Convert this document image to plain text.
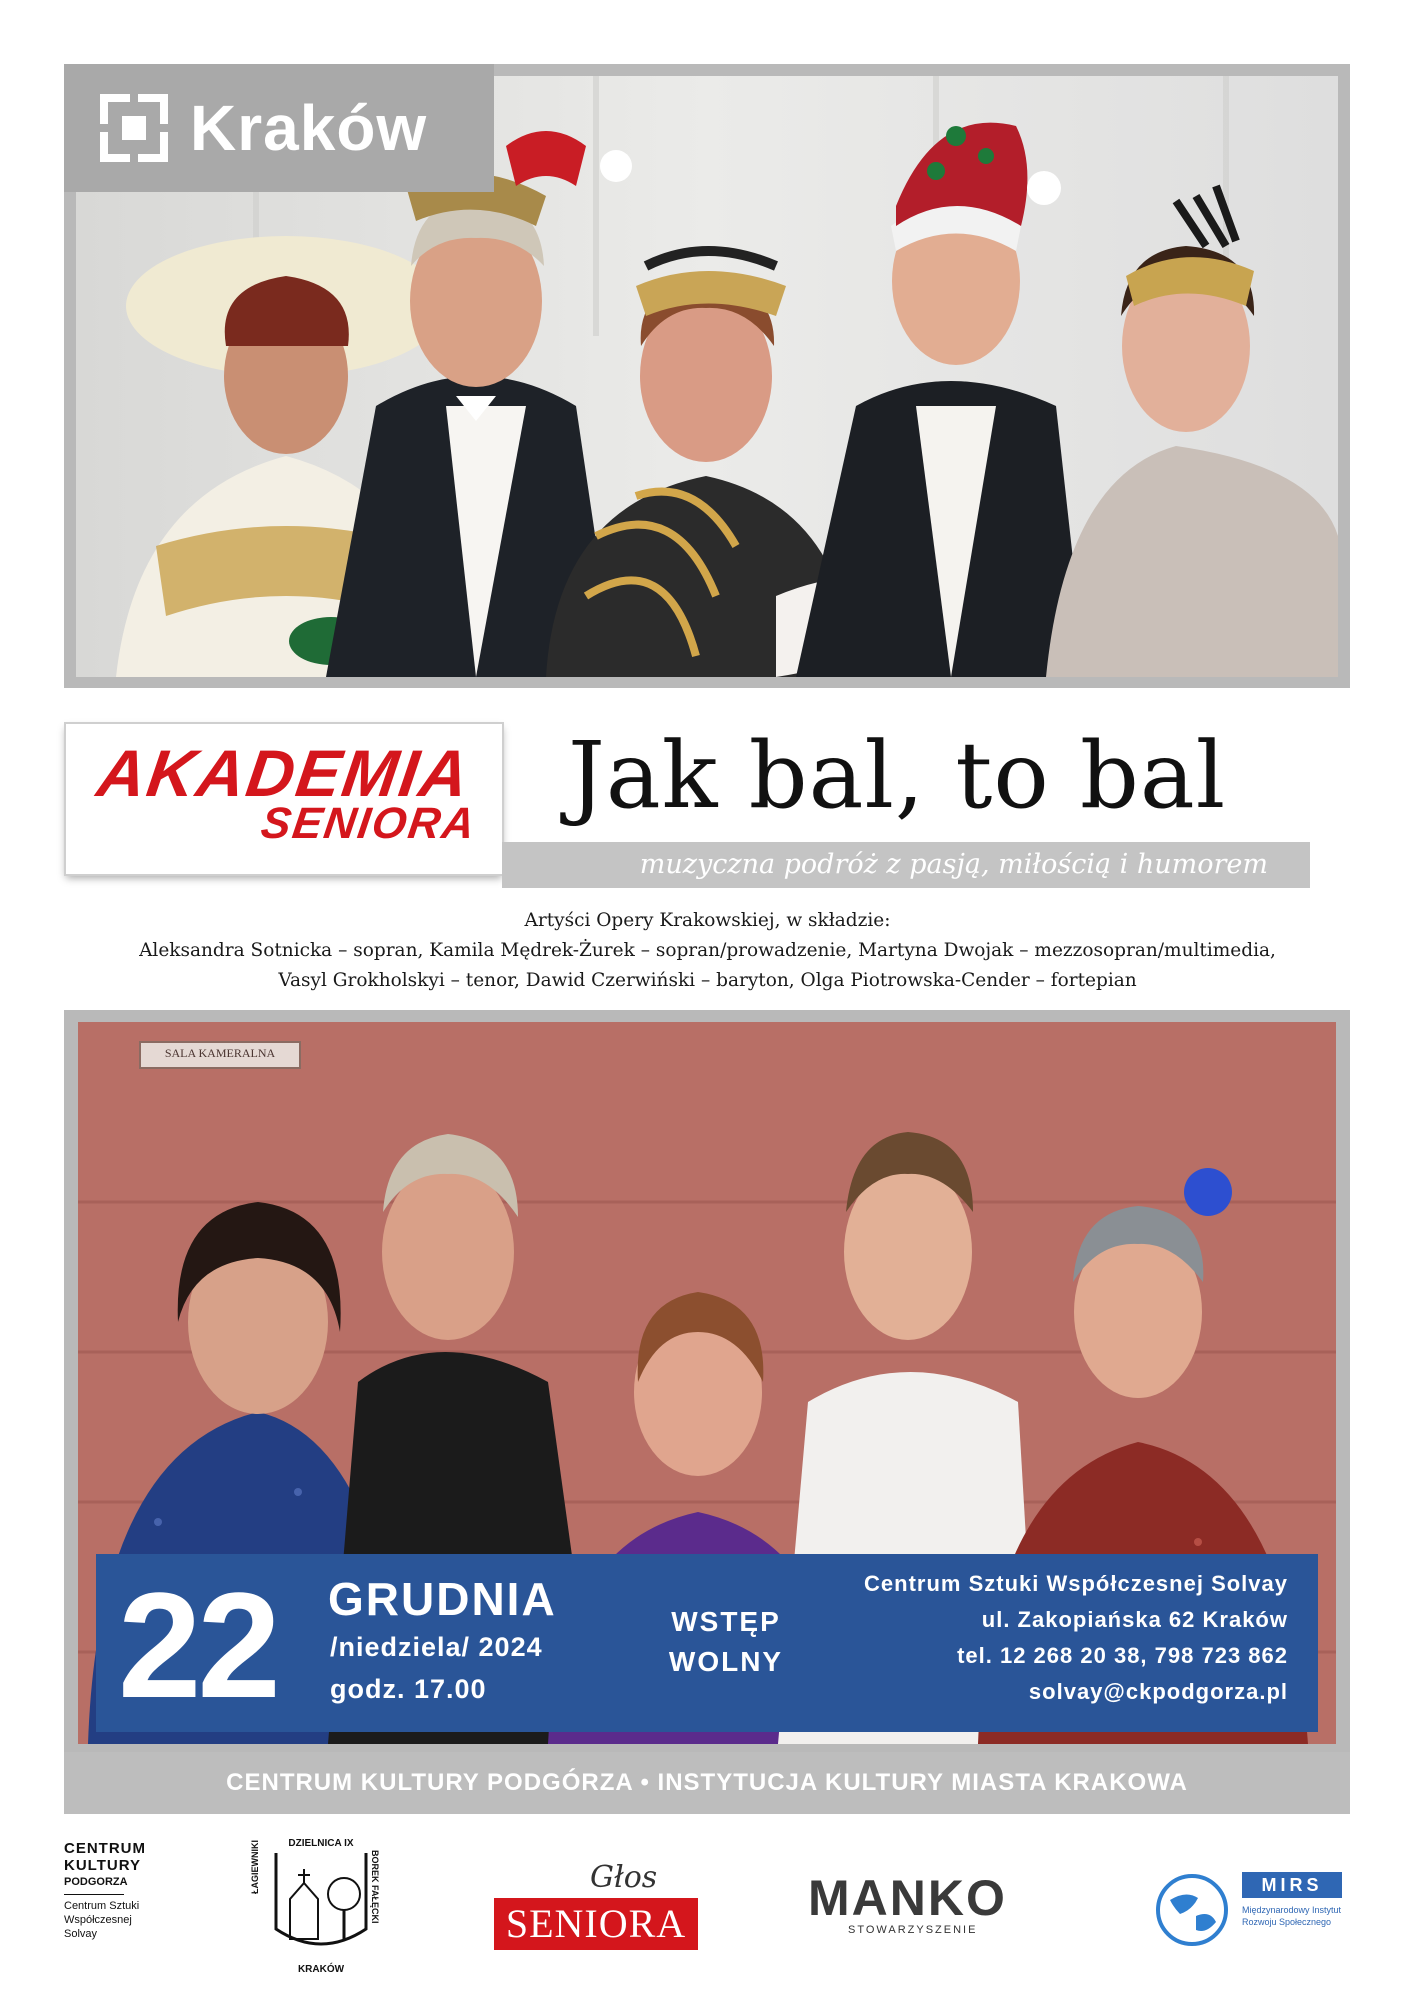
Kraków
AKADEMIA
SENIORA Jak bal, to bal
muzyczna podróż z pasją, miłością i humorem
Artyści Opery Krakowskiej, w składzie:
Aleksandra Sotnicka – sopran, Kamila Mędrek-Żurek – sopran/prowadzenie, Martyna Dwojak – mezzosopran/multimedia,
Vasyl Grokholskyi – tenor, Dawid Czerwiński – baryton, Olga Piotrowska-Cender – fortepian
SALA KAMERALNA
22 GRUDNIA
/niedziela/ 2024
godz. 17.00
WSTĘP
WOLNY
Centrum Sztuki Współczesnej Solvay
ul. Zakopiańska 62 Kraków
tel. 12 268 20 38, 798 723 862
solvay@ckpodgorza.pl
CENTRUM KULTURY PODGÓRZA • INSTYTUCJA KULTURY MIASTA KRAKOWA
CENTRUM
KULTURY
PODGORZA
Centrum Sztuki
Współczesnej
Solvay
DZIELNICA IX
ŁAGIEWNIKI	BOREK FAŁĘCKI
KRAKÓW
Głos
SENIORA MANKO
STOWARZYSZENIE
MIRS
Międzynarodowy Instytut
Rozwoju Społecznego
